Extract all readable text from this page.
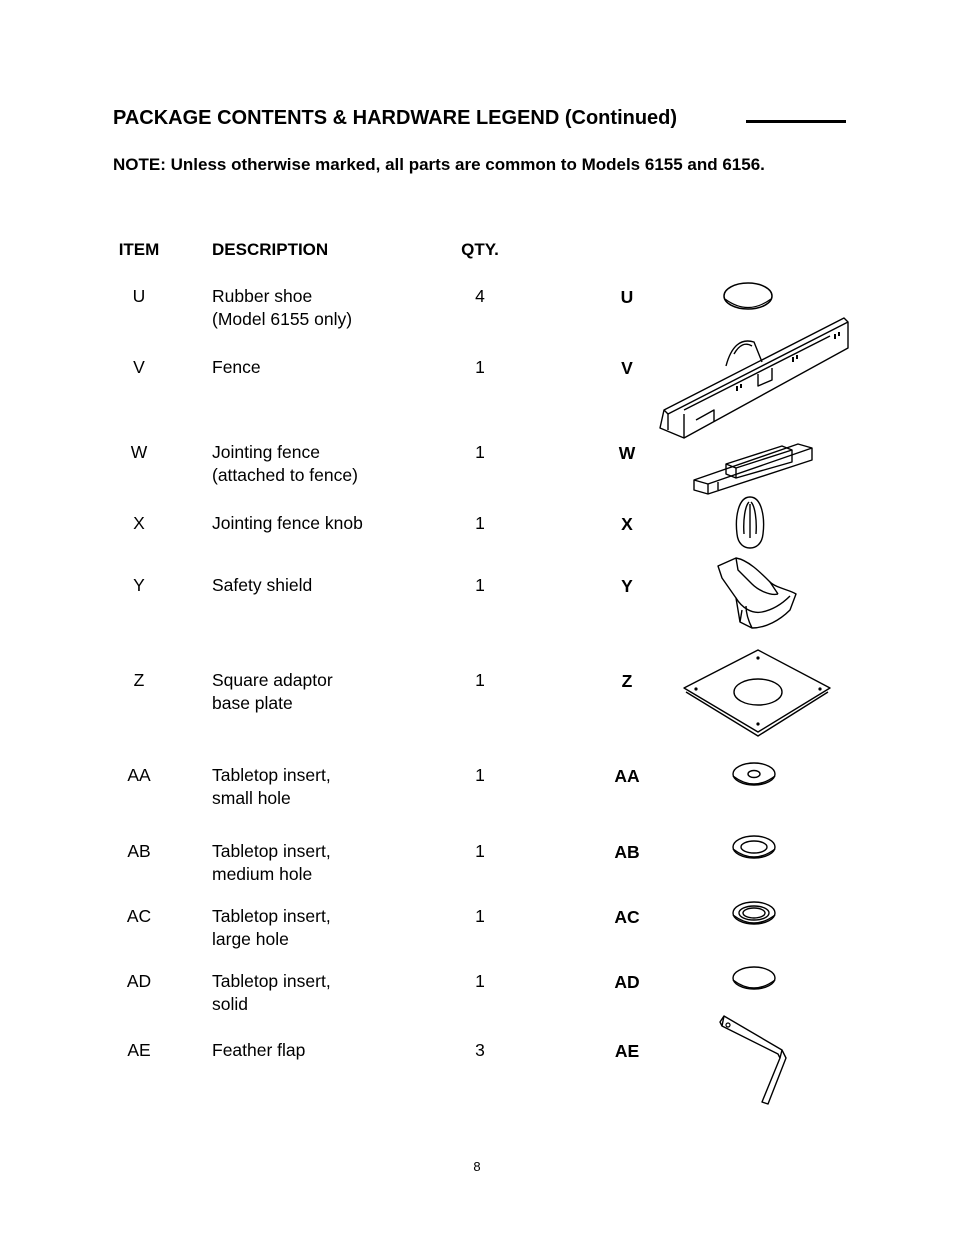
PACKAGE CONTENTS & HARDWARE LEGEND (Continued)
NOTE: Unless otherwise marked, all parts are common to Models 6155 and 6156.
ITEM	DESCRIPTION	QTY.
U	Rubber shoe
(Model 6155 only)
4	U
V	Fence	1	V
W	Jointing fence
(attached to fence)
1	W
X	Jointing fence knob	1	X
Y	Safety shield	1	Y
Z	Square adaptor
base plate
1	Z
AA	Tabletop insert,
small hole
1	AA
AB	Tabletop insert,
medium hole
1	AB
AC	Tabletop insert,
large hole
1	AC
AD	Tabletop insert,
solid
1	AD
AE	Feather flap	3	AE
8
